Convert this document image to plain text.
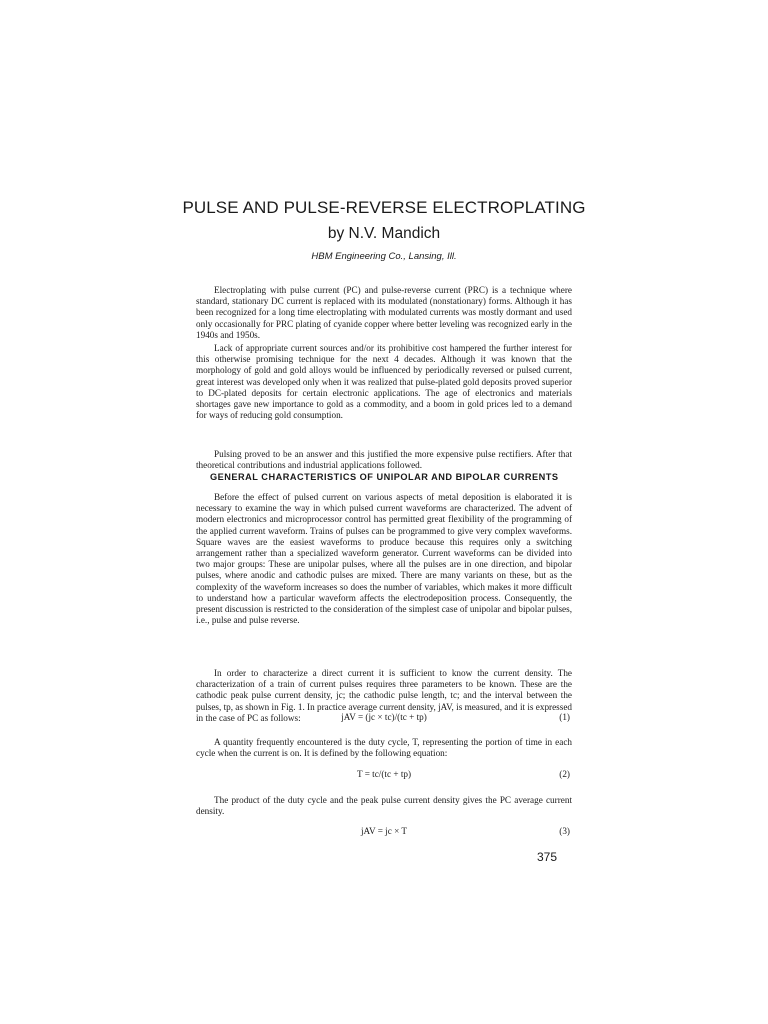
PULSE AND PULSE-REVERSE ELECTROPLATING
by N.V. Mandich
HBM Engineering Co., Lansing, Ill.

Electroplating with pulse current (PC) and pulse-reverse current (PRC) is a technique where standard, stationary DC current is replaced with its modulated (nonstationary) forms. Although it has been recognized for a long time electroplating with modulated currents was mostly dormant and used only occasionally for PRC plating of cyanide copper where better leveling was recognized early in the 1940s and 1950s.

Lack of appropriate current sources and/or its prohibitive cost hampered the further interest for this otherwise promising technique for the next 4 decades. Although it was known that the morphology of gold and gold alloys would be influenced by periodically reversed or pulsed current, great interest was developed only when it was realized that pulse-plated gold deposits proved superior to DC-plated deposits for certain electronic applications. The age of electronics and materials shortages gave new importance to gold as a commodity, and a boom in gold prices led to a demand for ways of reducing gold consumption.

Pulsing proved to be an answer and this justified the more expensive pulse rectifiers. After that theoretical contributions and industrial applications followed.

GENERAL CHARACTERISTICS OF UNIPOLAR AND BIPOLAR CURRENTS

Before the effect of pulsed current on various aspects of metal deposition is elaborated it is necessary to examine the way in which pulsed current waveforms are characterized. The advent of modern electronics and microprocessor control has permitted great flexibility of the programming of the applied current waveform. Trains of pulses can be programmed to give very complex waveforms. Square waves are the easiest waveforms to produce because this requires only a switching arrangement rather than a specialized waveform generator. Current waveforms can be divided into two major groups: These are unipolar pulses, where all the pulses are in one direction, and bipolar pulses, where anodic and cathodic pulses are mixed. There are many variants on these, but as the complexity of the waveform increases so does the number of variables, which makes it more difficult to understand how a particular waveform affects the electrodeposition process. Consequently, the present discussion is restricted to the consideration of the simplest case of unipolar and bipolar pulses, i.e., pulse and pulse reverse.

In order to characterize a direct current it is sufficient to know the current density. The characterization of a train of current pulses requires three parameters to be known. These are the cathodic peak pulse current density, jc; the cathodic pulse length, tc; and the interval between the pulses, tp, as shown in Fig. 1. In practice average current density, jAV, is measured, and it is expressed in the case of PC as follows:	jAV = (jc × tc)/(tc + tp)	(1)

A quantity frequently encountered is the duty cycle, T, representing the portion of time in each cycle when the current is on. It is defined by the following equation:

T = tc/(tc + tp)	(2)

The product of the duty cycle and the peak pulse current density gives the PC average current density.

jAV = jc × T	(3)
375
